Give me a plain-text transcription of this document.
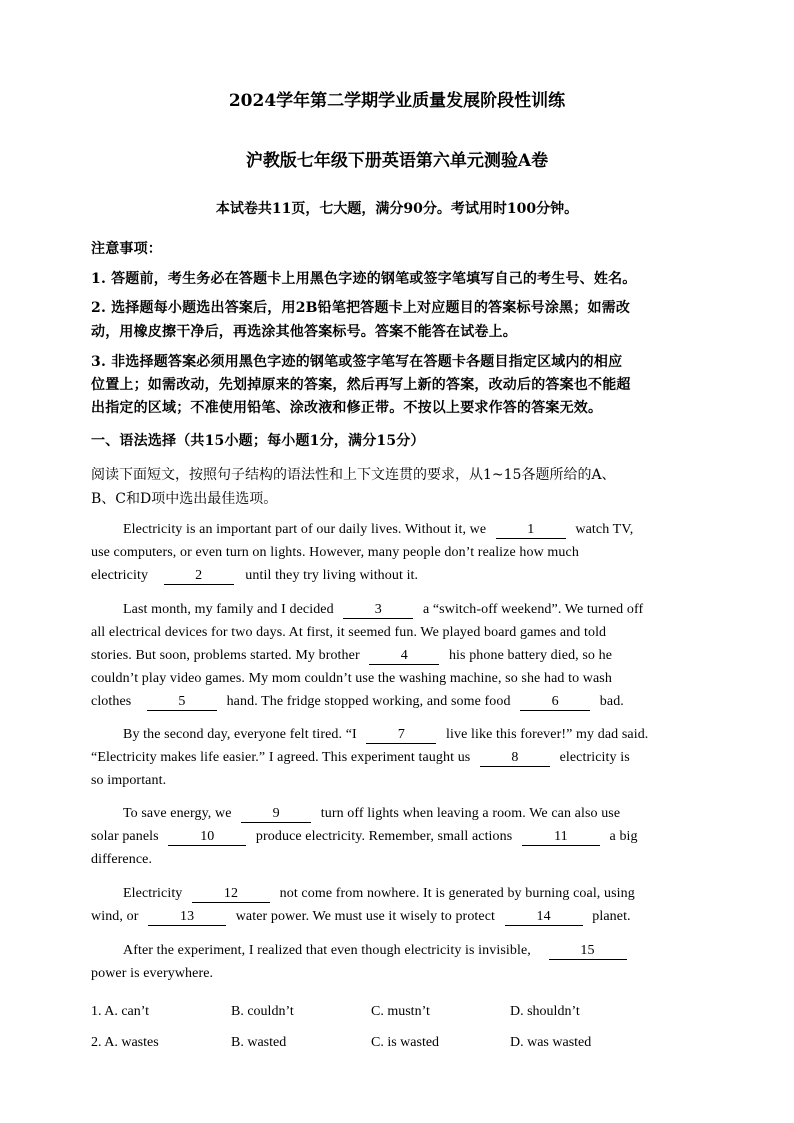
2024学年第二学期学业质量发展阶段性训练
沪教版七年级下册英语第六单元测验A卷
本试卷共11页，七大题，满分90分。考试用时100分钟。
注意事项：
1. 答题前，考生务必在答题卡上用黑色字迹的钢笔或签字笔填写自己的考生号、姓名。
2. 选择题每小题选出答案后，用2B铅笔把答题卡上对应题目的答案标号涂黑；如需改
动，用橡皮擦干净后，再选涂其他答案标号。答案不能答在试卷上。
3. 非选择题答案必须用黑色字迹的钢笔或签字笔写在答题卡各题目指定区域内的相应
位置上；如需改动，先划掉原来的答案，然后再写上新的答案，改动后的答案也不能超
出指定的区域；不准使用铅笔、涂改液和修正带。不按以上要求作答的答案无效。
一、语法选择（共15小题；每小题1分，满分15分）
阅读下面短文，按照句子结构的语法性和上下文连贯的要求，从1~15各题所给的A、
B、C和D项中选出最佳选项。
Electricity is an important part of our daily lives. Without it, we	1	watch TV,
use computers, or even turn on lights. However, many people don’t realize how much
electricity	2	until they try living without it.
Last month, my family and I decided	3	a “switch-off weekend”. We turned off
all electrical devices for two days. At first, it seemed fun. We played board games and told
stories. But soon, problems started. My brother	4	his phone battery died, so he
couldn’t play video games. My mom couldn’t use the washing machine, so she had to wash
clothes	5	hand. The fridge stopped working, and some food	6	bad.
By the second day, everyone felt tired. “I	7	live like this forever!” my dad said.
“Electricity makes life easier.” I agreed. This experiment taught us	8	electricity is
so important.
To save energy, we	9	turn off lights when leaving a room. We can also use
solar panels	10	produce electricity. Remember, small actions	11	a big
difference.
Electricity	12	not come from nowhere. It is generated by burning coal, using
wind, or	13	water power. We must use it wisely to protect	14	planet.
After the experiment, I realized that even though electricity is invisible,	15
power is everywhere.
1. A. can’t	B. couldn’t	C. mustn’t	D. shouldn’t
2. A. wastes	B. wasted	C. is wasted	D. was wasted
